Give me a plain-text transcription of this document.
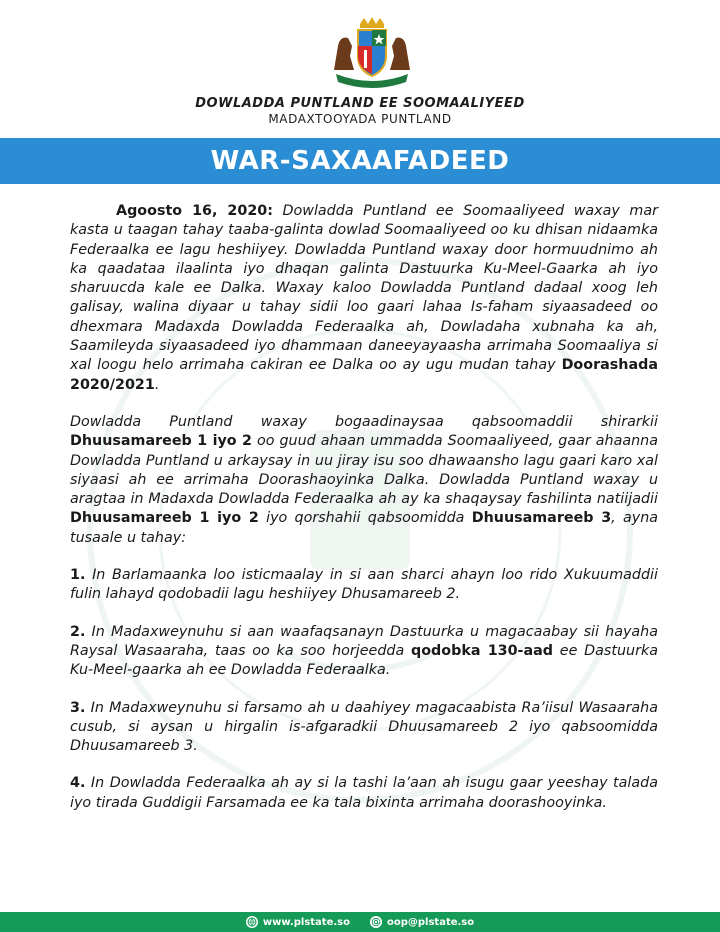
DOWLADDA PUNTLAND EE SOOMAALIYEED
MADAXTOOYADA PUNTLAND
WAR-SAXAAFADEED

Agoosto 16, 2020: Dowladda Puntland ee Soomaaliyeed waxay mar kasta u taagan tahay taaba-galinta dowlad Soomaaliyeed oo ku dhisan nidaamka Federaalka ee lagu heshiiyey. Dowladda Puntland waxay door hormuudnimo ah ka qaadataa ilaalinta iyo dhaqan galinta Dastuurka Ku-Meel-Gaarka ah iyo sharuucda kale ee Dalka. Waxay kaloo Dowladda Puntland dadaal xoog leh galisay, walina diyaar u tahay sidii loo gaari lahaa Is-faham siyaasadeed oo dhexmara Madaxda Dowladda Federaalka ah, Dowladaha xubnaha ka ah, Saamileyda siyaasadeed iyo dhammaan daneeyayaasha arrimaha Soomaaliya si xal loogu helo arrimaha cakiran ee Dalka oo ay ugu mudan tahay Doorashada 2020/2021.

Dowladda Puntland waxay bogaadinaysaa qabsoomaddii shirarkii Dhuusamareeb 1 iyo 2 oo guud ahaan ummadda Soomaaliyeed, gaar ahaanna Dowladda Puntland u arkaysay in uu jiray isu soo dhawaansho lagu gaari karo xal siyaasi ah ee arrimaha Doorashaoyinka Dalka. Dowladda Puntland waxay u aragtaa in Madaxda Dowladda Federaalka ah ay ka shaqaysay fashilinta natiijadii Dhuusamareeb 1 iyo 2 iyo qorshahii qabsoomidda Dhuusamareeb 3, ayna tusaale u tahay:

1. In Barlamaanka loo isticmaalay in si aan sharci ahayn loo rido Xukuumaddii fulin lahayd qodobadii lagu heshiiyey Dhusamareeb 2.

2. In Madaxweynuhu si aan waafaqsanayn Dastuurka u magacaabay sii hayaha Raysal Wasaaraha, taas oo ka soo horjeedda qodobka 130-aad ee Dastuurka Ku-Meel-gaarka ah ee Dowladda Federaalka.

3. In Madaxweynuhu si farsamo ah u daahiyey magacaabista Ra’iisul Wasaaraha cusub, si aysan u hirgalin is-afgaradkii Dhuusamareeb 2 iyo qabsoomidda Dhuusamareeb 3.

4. In Dowladda Federaalka ah ay si la tashi la’aan ah isugu gaar yeeshay talada iyo tirada Guddigii Farsamada ee ka tala bixinta arrimaha doorashooyinka.

www.plstate.so	oop@plstate.so
